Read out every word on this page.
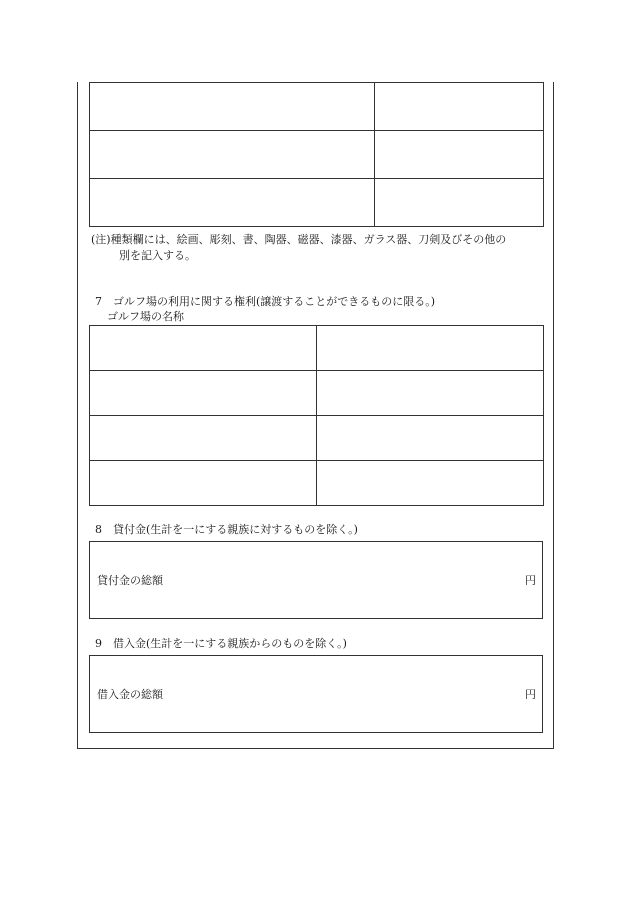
(注)種類欄には、絵画、彫刻、書、陶器、磁器、漆器、ガラス器、刀剣及びその他の
別を記入する。
7　ゴルフ場の利用に関する権利(譲渡することができるものに限る。)
ゴルフ場の名称

8　貸付金(生計を一にする親族に対するものを除く。)
貸付金の総額	円
9　借入金(生計を一にする親族からのものを除く。)
借入金の総額	円
